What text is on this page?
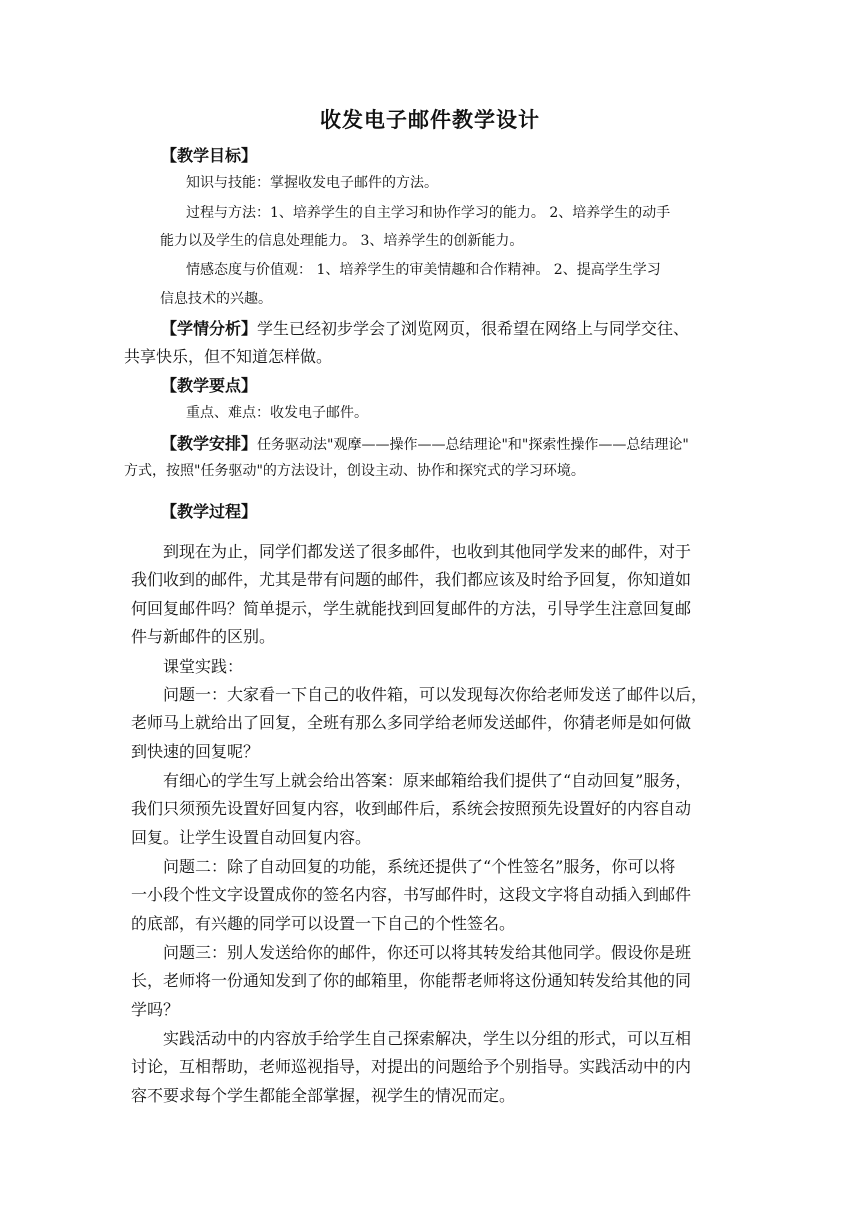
收发电子邮件教学设计
【教学目标】
知识与技能：掌握收发电子邮件的方法。
过程与方法：1、培养学生的自主学习和协作学习的能力。 2、培养学生的动手
能力以及学生的信息处理能力。 3、培养学生的创新能力。
情感态度与价值观： 1、培养学生的审美情趣和合作精神。 2、提高学生学习
信息技术的兴趣。
【学情分析】学生已经初步学会了浏览网页，很希望在网络上与同学交往、
共享快乐，但不知道怎样做。
【教学要点】
重点、难点：收发电子邮件。
【教学安排】任务驱动法"观摩——操作——总结理论"和"探索性操作——总结理论"
方式，按照"任务驱动"的方法设计，创设主动、协作和探究式的学习环境。
【教学过程】
到现在为止，同学们都发送了很多邮件，也收到其他同学发来的邮件，对于
我们收到的邮件，尤其是带有问题的邮件，我们都应该及时给予回复，你知道如
何回复邮件吗？简单提示，学生就能找到回复邮件的方法，引导学生注意回复邮
件与新邮件的区别。
课堂实践：
问题一：大家看一下自己的收件箱，可以发现每次你给老师发送了邮件以后，
老师马上就给出了回复，全班有那么多同学给老师发送邮件，你猜老师是如何做
到快速的回复呢？
有细心的学生写上就会给出答案：原来邮箱给我们提供了“自动回复”服务，
我们只须预先设置好回复内容，收到邮件后，系统会按照预先设置好的内容自动
回复。让学生设置自动回复内容。
问题二：除了自动回复的功能，系统还提供了“个性签名”服务，你可以将
一小段个性文字设置成你的签名内容，书写邮件时，这段文字将自动插入到邮件
的底部，有兴趣的同学可以设置一下自己的个性签名。
问题三：别人发送给你的邮件，你还可以将其转发给其他同学。假设你是班
长，老师将一份通知发到了你的邮箱里，你能帮老师将这份通知转发给其他的同
学吗？
实践活动中的内容放手给学生自己探索解决，学生以分组的形式，可以互相
讨论，互相帮助，老师巡视指导，对提出的问题给予个别指导。实践活动中的内
容不要求每个学生都能全部掌握，视学生的情况而定。
